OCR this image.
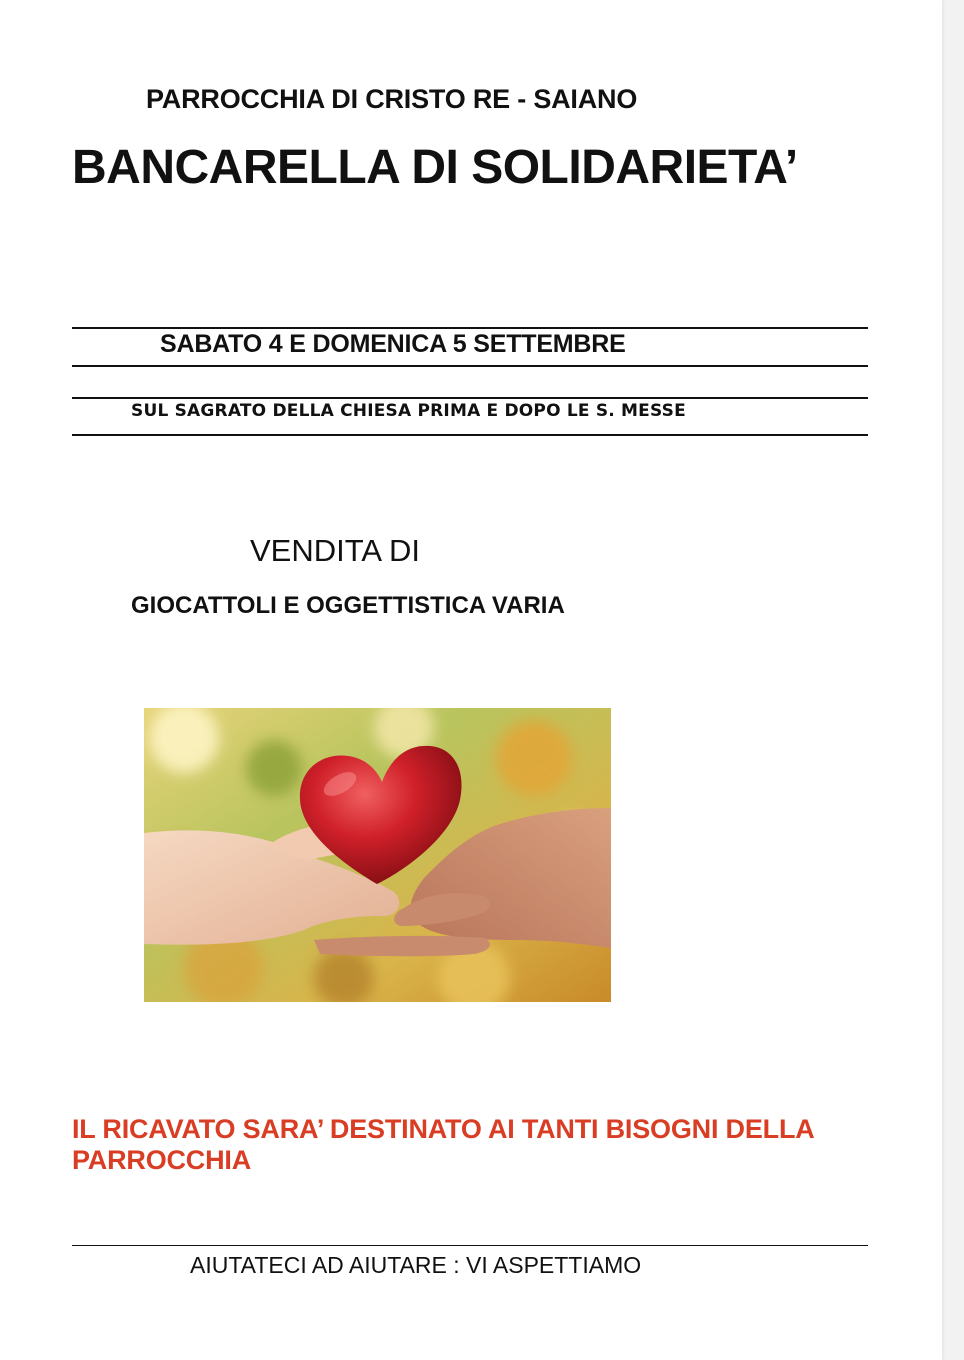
PARROCCHIA DI CRISTO RE - SAIANO
BANCARELLA DI SOLIDARIETA’
SABATO 4 E DOMENICA 5 SETTEMBRE
SUL SAGRATO DELLA CHIESA PRIMA E DOPO LE S. MESSE
VENDITA DI
GIOCATTOLI E OGGETTISTICA VARIA
IL RICAVATO SARA’ DESTINATO AI TANTI BISOGNI DELLA PARROCCHIA
AIUTATECI AD AIUTARE : VI ASPETTIAMO
